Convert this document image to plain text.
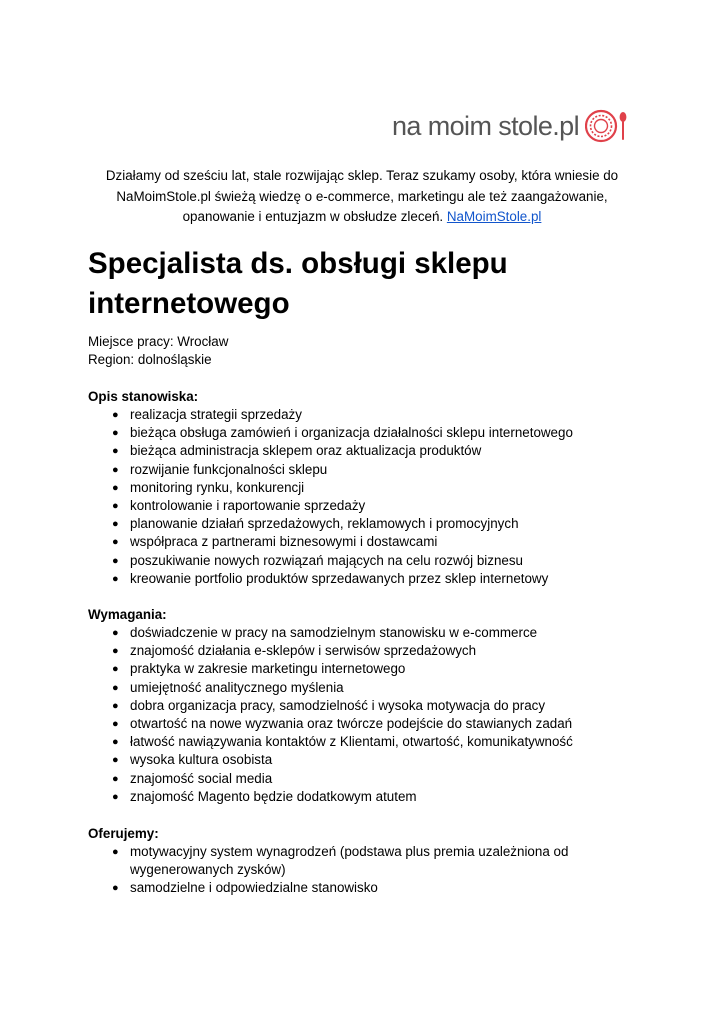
na moim stole.pl
Działamy od sześciu lat, stale rozwijając sklep. Teraz szukamy osoby, która wniesie do NaMoimStole.pl świeżą wiedzę o e-commerce, marketingu ale też zaangażowanie, opanowanie i entuzjazm w obsłudze zleceń. NaMoimStole.pl
Specjalista ds. obsługi sklepu internetowego
Miejsce pracy: Wrocław
Region: dolnośląskie
Opis stanowiska:
● realizacja strategii sprzedaży
● bieżąca obsługa zamówień i organizacja działalności sklepu internetowego
● bieżąca administracja sklepem oraz aktualizacja produktów
● rozwijanie funkcjonalności sklepu
● monitoring rynku, konkurencji
● kontrolowanie i raportowanie sprzedaży
● planowanie działań sprzedażowych, reklamowych i promocyjnych
● współpraca z partnerami biznesowymi i dostawcami
● poszukiwanie nowych rozwiązań mających na celu rozwój biznesu
● kreowanie portfolio produktów sprzedawanych przez sklep internetowy
Wymagania:
● doświadczenie w pracy na samodzielnym stanowisku w e-commerce
● znajomość działania e-sklepów i serwisów sprzedażowych
● praktyka w zakresie marketingu internetowego
● umiejętność analitycznego myślenia
● dobra organizacja pracy, samodzielność i wysoka motywacja do pracy
● otwartość na nowe wyzwania oraz twórcze podejście do stawianych zadań
● łatwość nawiązywania kontaktów z Klientami, otwartość, komunikatywność
● wysoka kultura osobista
● znajomość social media
● znajomość Magento będzie dodatkowym atutem
Oferujemy:
● motywacyjny system wynagrodzeń (podstawa plus premia uzależniona od wygenerowanych zysków)
● samodzielne i odpowiedzialne stanowisko
